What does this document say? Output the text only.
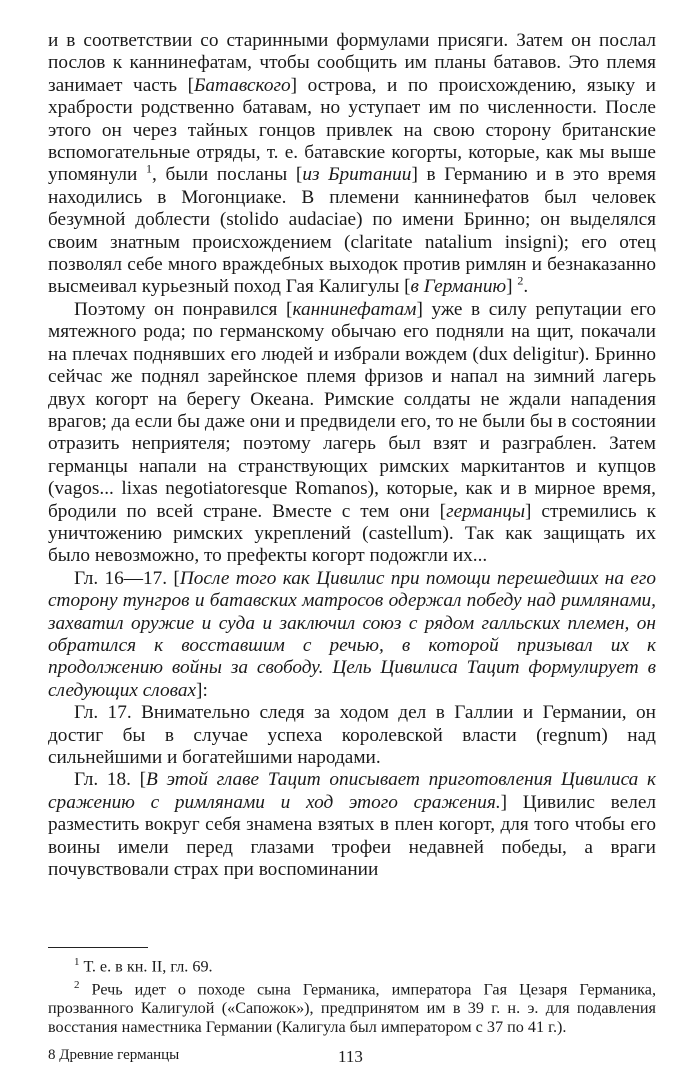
и в соответствии со старинными формулами присяги. Затем он послал послов к каннинефатам, чтобы сообщить им планы батавов. Это племя занимает часть [Батавского] острова, и по происхождению, языку и храбрости родственно батавам, но уступает им по численности. После этого он через тайных гонцов привлек на свою сторону британские вспомогательные отряды, т. е. батавские когорты, которые, как мы выше упомянули $^1$, были посланы [из Британии] в Германию и в это время находились в Могонциаке. В племени каннинефатов был человек безумной доблести (stolido audaciae) по имени Бринно; он выделялся своим знатным происхождением (claritate natalium insigni); его отец позволял себе много враждебных выходок против римлян и безнаказанно высмеивал курьезный поход Гая Калигулы [в Германию] $^2$.

Поэтому он понравился [каннинефатам] уже в силу репутации его мятежного рода; по германскому обычаю его подняли на щит, покачали на плечах поднявших его людей и избрали вождем (dux deligitur). Бринно сейчас же поднял зарейнское племя фризов и напал на зимний лагерь двух когорт на берегу Океана. Римские солдаты не ждали нападения врагов; да если бы даже они и предвидели его, то не были бы в состоянии отразить неприятеля; поэтому лагерь был взят и разграблен. Затем германцы напали на странствующих римских маркитантов и купцов (vagos... lixas negotiatoresque Romanos), которые, как и в мирное время, бродили по всей стране. Вместе с тем они [германцы] стремились к уничтожению римских укреплений (castellum). Так как защищать их было невозможно, то префекты когорт подожгли их...

Гл. 16—17. [После того как Цивилис при помощи перешедших на его сторону тунгров и батавских матросов одержал победу над римлянами, захватил оружие и суда и заключил союз с рядом галльских племен, он обратился к восставшим с речью, в которой призывал их к продолжению войны за свободу. Цель Цивилиса Тацит формулирует в следующих словах]:

Гл. 17. Внимательно следя за ходом дел в Галлии и Германии, он достиг бы в случае успеха королевской власти (regnum) над сильнейшими и богатейшими народами.

Гл. 18. [В этой главе Тацит описывает приготовления Цивилиса к сражению с римлянами и ход этого сражения.] Цивилис велел разместить вокруг себя знамена взятых в плен когорт, для того чтобы его воины имели перед глазами трофеи недавней победы, а враги почувствовали страх при воспоминании

$^1$ Т. е. в кн. II, гл. 69.

$^2$ Речь идет о походе сына Германика, императора Гая Цезаря Германика, прозванного Калигулой («Сапожок»), предпринятом им в 39 г. н. э. для подавления восстания наместника Германии (Калигула был императором с 37 по 41 г.).

8 Древние германцы	113
